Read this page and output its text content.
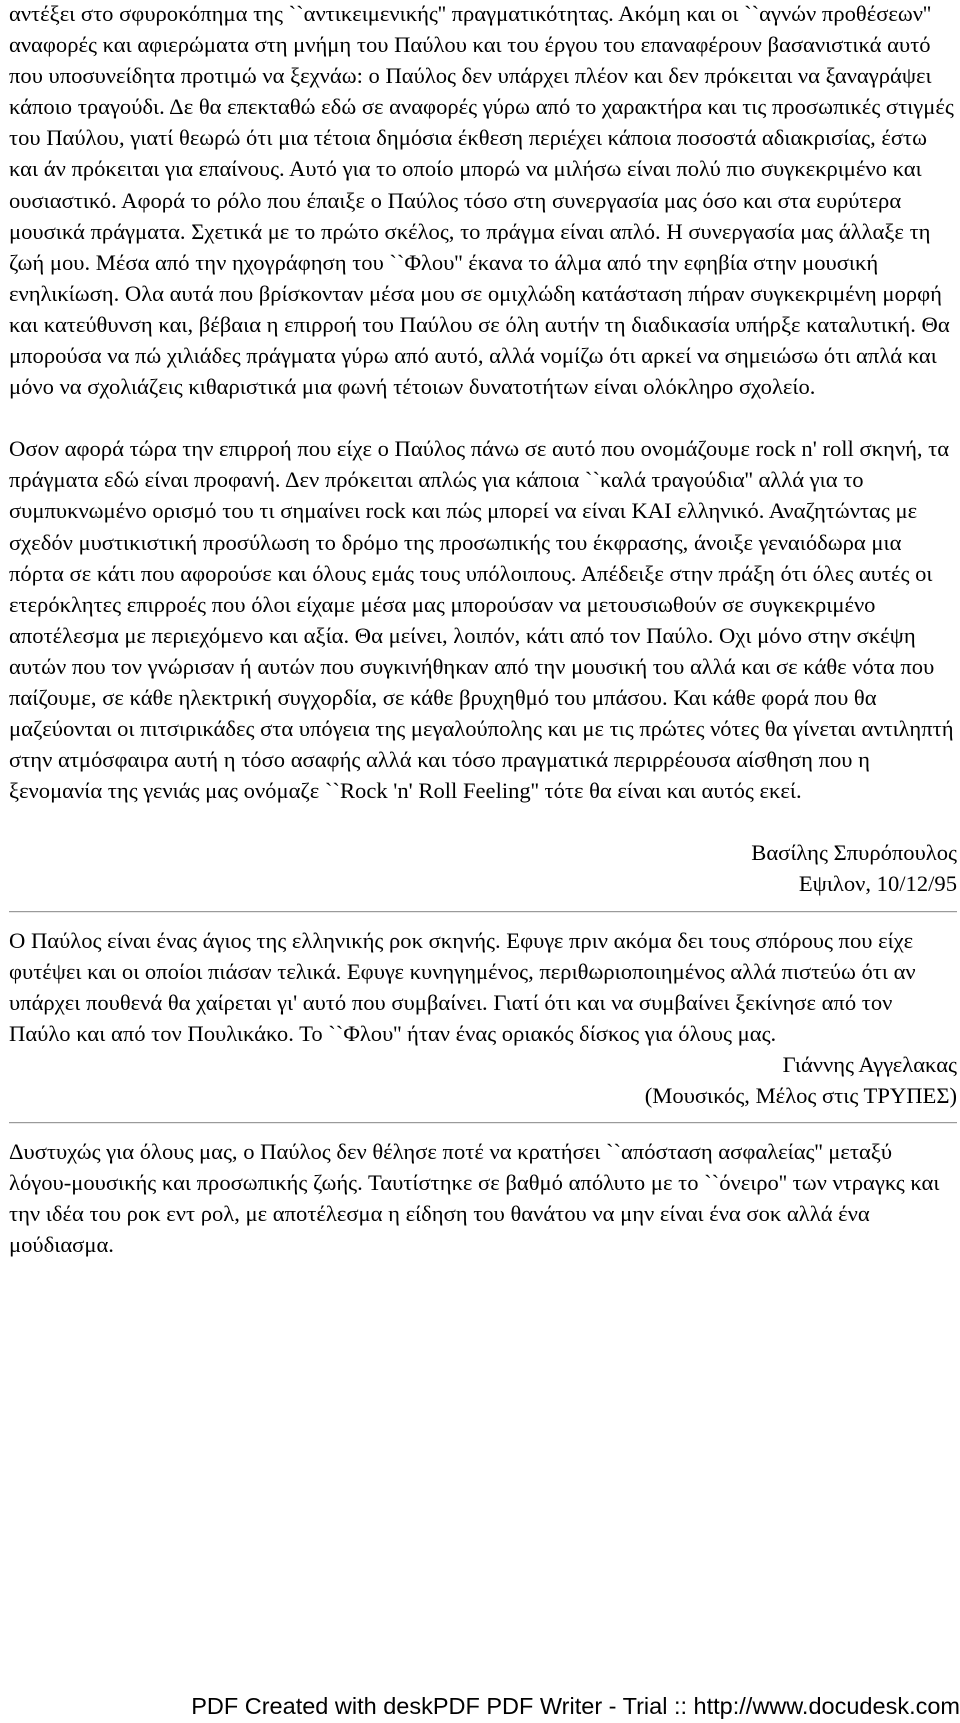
αντέξει στο σφυροκόπημα της ``αντικειμενικής'' πραγματικότητας. Ακόμη και οι ``αγνών προθέσεων'' αναφορές και αφιερώματα στη μνήμη του Παύλου και του έργου του επαναφέρουν βασανιστικά αυτό που υποσυνείδητα προτιμώ να ξεχνάω: ο Παύλος δεν υπάρχει πλέον και δεν πρόκειται να ξαναγράψει κάποιο τραγούδι. Δε θα επεκταθώ εδώ σε αναφορές γύρω από το χαρακτήρα και τις προσωπικές στιγμές του Παύλου, γιατί θεωρώ ότι μια τέτοια δημόσια έκθεση περιέχει κάποια ποσοστά αδιακρισίας, έστω και άν πρόκειται για επαίνους. Αυτό για το οποίο μπορώ να μιλήσω είναι πολύ πιο συγκεκριμένο και ουσιαστικό. Αφορά το ρόλο που έπαιξε ο Παύλος τόσο στη συνεργασία μας όσο και στα ευρύτερα μουσικά πράγματα. Σχετικά με το πρώτο σκέλος, το πράγμα είναι απλό. Η συνεργασία μας άλλαξε τη ζωή μου. Μέσα από την ηχογράφηση του ``Φλου'' έκανα το άλμα από την εφηβία στην μουσική ενηλικίωση. Ολα αυτά που βρίσκονταν μέσα μου σε ομιχλώδη κατάσταση πήραν συγκεκριμένη μορφή και κατεύθυνση και, βέβαια η επιρροή του Παύλου σε όλη αυτήν τη διαδικασία υπήρξε καταλυτική. Θα μπορούσα να πώ χιλιάδες πράγματα γύρω από αυτό, αλλά νομίζω ότι αρκεί να σημειώσω ότι απλά και μόνο να σχολιάζεις κιθαριστικά μια φωνή τέτοιων δυνατοτήτων είναι ολόκληρο σχολείο.

Οσον αφορά τώρα την επιρροή που είχε ο Παύλος πάνω σε αυτό που ονομάζουμε rock n' roll σκηνή, τα πράγματα εδώ είναι προφανή. Δεν πρόκειται απλώς για κάποια ``καλά τραγούδια'' αλλά για το συμπυκνωμένο ορισμό του τι σημαίνει rock και πώς μπορεί να είναι ΚΑΙ ελληνικό. Αναζητώντας με σχεδόν μυστικιστική προσύλωση το δρόμο της προσωπικής του έκφρασης, άνοιξε γεναιόδωρα μια πόρτα σε κάτι που αφορούσε και όλους εμάς τους υπόλοιπους. Απέδειξε στην πράξη ότι όλες αυτές οι ετερόκλητες επιρροές που όλοι είχαμε μέσα μας μπορούσαν να μετουσιωθούν σε συγκεκριμένο αποτέλεσμα με περιεχόμενο και αξία. Θα μείνει, λοιπόν, κάτι από τον Παύλο. Οχι μόνο στην σκέψη αυτών που τον γνώρισαν ή αυτών που συγκινήθηκαν από την μουσική του αλλά και σε κάθε νότα που παίζουμε, σε κάθε ηλεκτρική συγχορδία, σε κάθε βρυχηθμό του μπάσου. Και κάθε φορά που θα μαζεύονται οι πιτσιρικάδες στα υπόγεια της μεγαλούπολης και με τις πρώτες νότες θα γίνεται αντιληπτή στην ατμόσφαιρα αυτή η τόσο ασαφής αλλά και τόσο πραγματικά περιρρέουσα αίσθηση που η ξενομανία της γενιάς μας ονόμαζε ``Rock 'n' Roll Feeling'' τότε θα είναι και αυτός εκεί.

Βασίλης Σπυρόπουλος

Εψιλον, 10/12/95

Ο Παύλος είναι ένας άγιος της ελληνικής ροκ σκηνής. Εφυγε πριν ακόμα δει τους σπόρους που είχε φυτέψει και οι οποίοι πιάσαν τελικά. Εφυγε κυνηγημένος, περιθωριοποιημένος αλλά πιστεύω ότι αν υπάρχει πουθενά θα χαίρεται γι' αυτό που συμβαίνει. Γιατί ότι και να συμβαίνει ξεκίνησε από τον Παύλο και από τον Πουλικάκο. Το ``Φλου'' ήταν ένας οριακός δίσκος για όλους μας.

Γιάννης Αγγελακας

(Μουσικός, Μέλος στις ΤΡΥΠΕΣ)

Δυστυχώς για όλους μας, ο Παύλος δεν θέλησε ποτέ να κρατήσει ``απόσταση ασφαλείας'' μεταξύ λόγου-μουσικής και προσωπικής ζωής. Ταυτίστηκε σε βαθμό απόλυτο με το ``όνειρο'' των ντραγκς και την ιδέα του ροκ εντ ρολ, με αποτέλεσμα η είδηση του θανάτου να μην είναι ένα σοκ αλλά ένα μούδιασμα.

PDF Created with deskPDF PDF Writer - Trial :: http://www.docudesk.com
